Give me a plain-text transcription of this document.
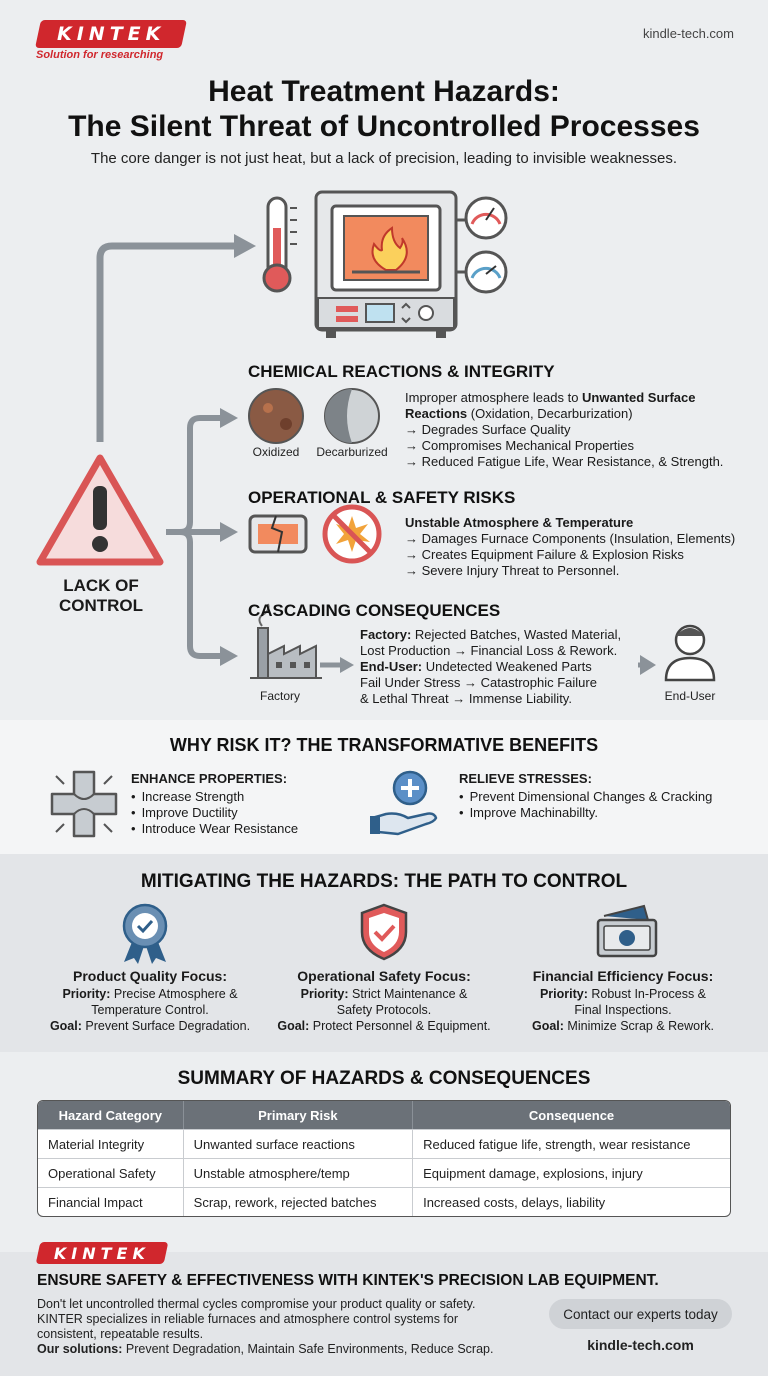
KINTEK
Solution for researching
kindle-tech.com
Heat Treatment Hazards:
The Silent Threat of Uncontrolled Processes
The core danger is not just heat, but a lack of precision, leading to invisible weaknesses.
LACK OF
CONTROL
CHEMICAL REACTIONS & INTEGRITY
Oxidized	Decarburized
Improper atmosphere leads to Unwanted Surface
Reactions (Oxidation, Decarburization)
→ Degrades Surface Quality
→ Compromises Mechanical Properties
→ Reduced Fatigue Life, Wear Resistance, & Strength.
OPERATIONAL & SAFETY RISKS
Unstable Atmosphere & Temperature
→ Damages Furnace Components (Insulation, Elements)
→ Creates Equipment Failure & Explosion Risks
→ Severe Injury Threat to Personnel.
CASCADING CONSEQUENCES
Factory	End-User
Factory: Rejected Batches, Wasted Material,
Lost Production → Financial Loss & Rework.
End-User: Undetected Weakened Parts
Fail Under Stress → Catastrophic Failure
& Lethal Threat → Immense Liability.
WHY RISK IT? THE TRANSFORMATIVE BENEFITS
ENHANCE PROPERTIES:
• Increase Strength
• Improve Ductility
• Introduce Wear Resistance
RELIEVE STRESSES:
• Prevent Dimensional Changes & Cracking
• Improve Machinabillty.
MITIGATING THE HAZARDS: THE PATH TO CONTROL
Product Quality Focus:
Priority: Precise Atmosphere &
Temperature Control.
Goal: Prevent Surface Degradation.
Operational Safety Focus:
Priority: Strict Maintenance &
Safety Protocols.
Goal: Protect Personnel & Equipment.
Financial Efficiency Focus:
Priority: Robust In-Process &
Final Inspections.
Goal: Minimize Scrap & Rework.
SUMMARY OF HAZARDS & CONSEQUENCES
Hazard Category	Primary Risk	Consequence
Material Integrity	Unwanted surface reactions	Reduced fatigue life, strength, wear resistance
Operational Safety	Unstable atmosphere/temp	Equipment damage, explosions, injury
Financial Impact	Scrap, rework, rejected batches	Increased costs, delays, liability
KINTEK
ENSURE SAFETY & EFFECTIVENESS WITH KINTEK'S PRECISION LAB EQUIPMENT.
Don't let uncontrolled thermal cycles compromise your product quality or safety.
KINTER specializes in reliable furnaces and atmosphere control systems for
consistent, repeatable results.
Our solutions: Prevent Degradation, Maintain Safe Environments, Reduce Scrap.
Contact our experts today
kindle-tech.com
